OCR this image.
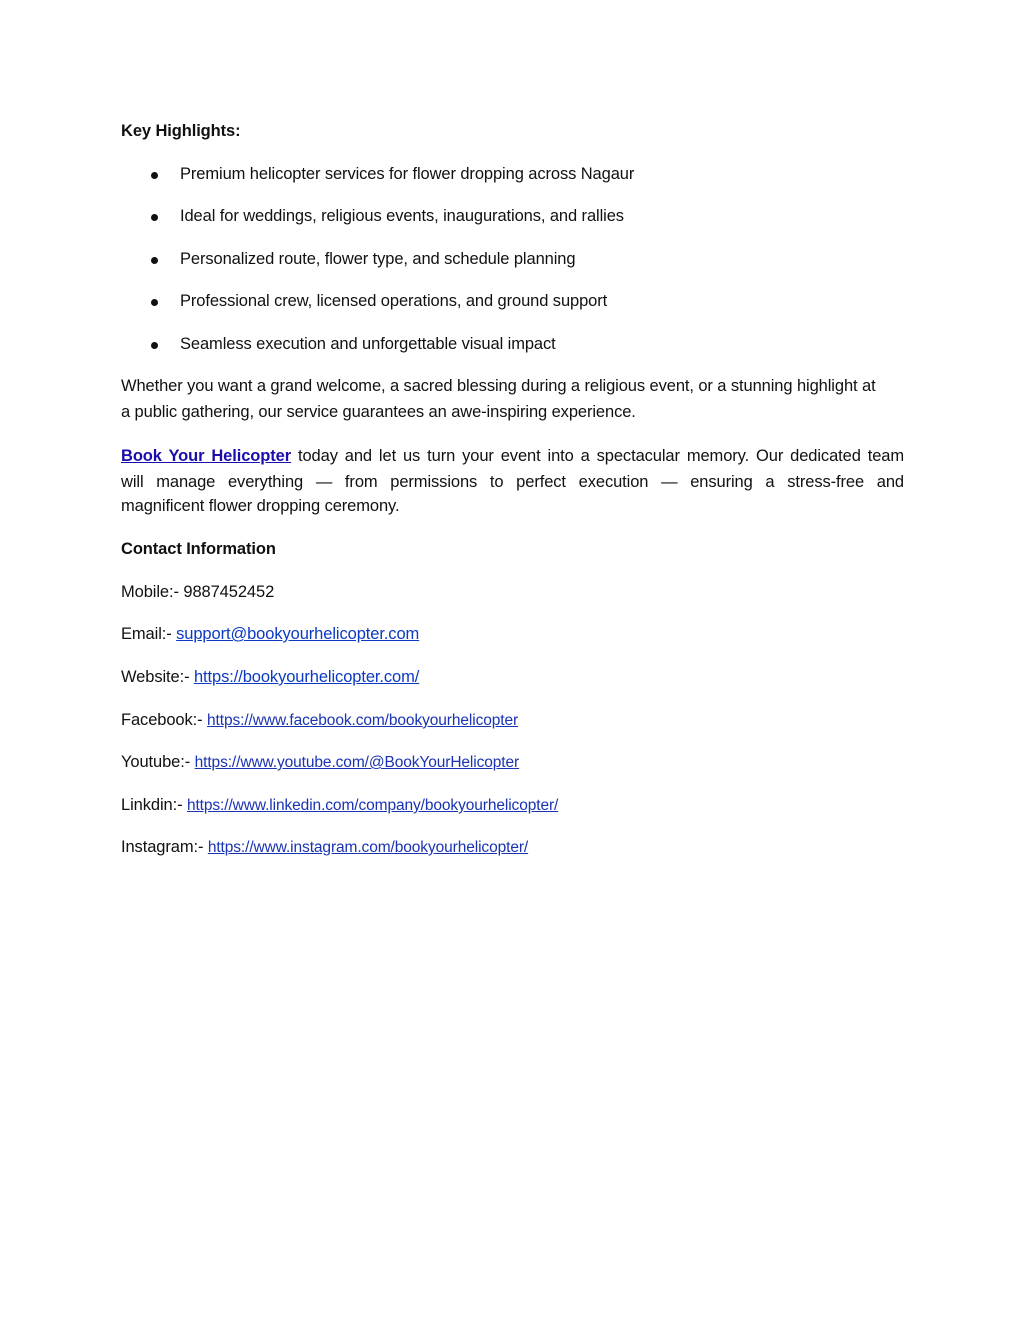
Key Highlights:
Premium helicopter services for flower dropping across Nagaur
Ideal for weddings, religious events, inaugurations, and rallies
Personalized route, flower type, and schedule planning
Professional crew, licensed operations, and ground support
Seamless execution and unforgettable visual impact
Whether you want a grand welcome, a sacred blessing during a religious event, or a stunning highlight at
a public gathering, our service guarantees an awe-inspiring experience.
Book Your Helicopter today and let us turn your event into a spectacular memory. Our dedicated team
will manage everything — from permissions to perfect execution — ensuring a stress-free and
magnificent flower dropping ceremony.
Contact Information
Mobile:- 9887452452
Email:- support@bookyourhelicopter.com
Website:- https://bookyourhelicopter.com/
Facebook:- https://www.facebook.com/bookyourhelicopter
Youtube:- https://www.youtube.com/@BookYourHelicopter
Linkdin:- https://www.linkedin.com/company/bookyourhelicopter/
Instagram:- https://www.instagram.com/bookyourhelicopter/
